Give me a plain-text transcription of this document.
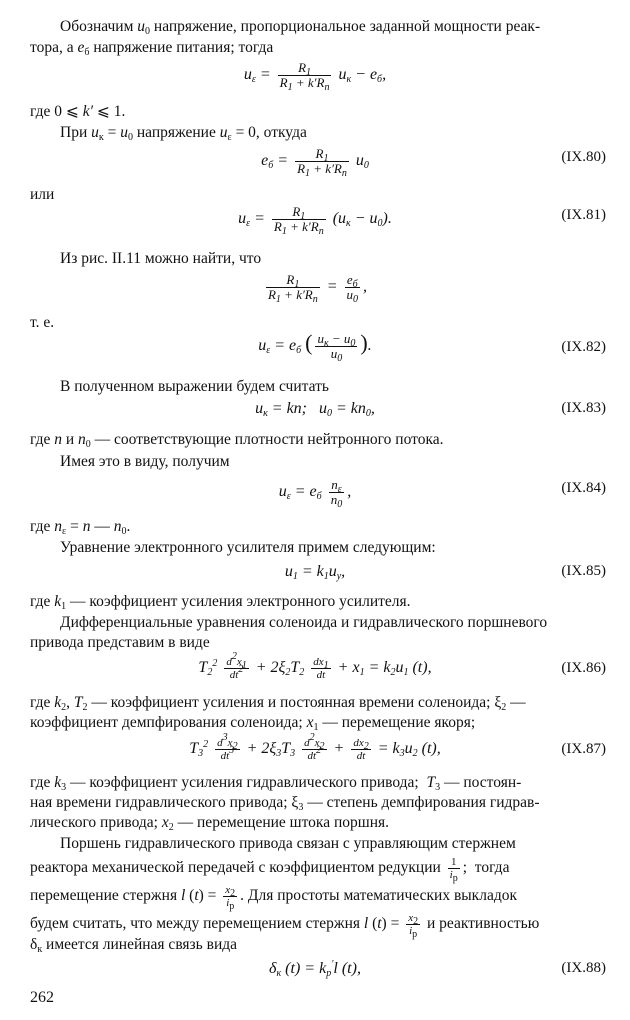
Обозначим $u_0$ напряжение, пропорциональное заданной мощности реак-

тора, а $e_б$ напряжение питания; тогда

$u_\varepsilon = \frac{R_1}{R_1 + k'R_п} u_к - e_б$,

где 0 ⩽ k′ ⩽ 1.

При $u_к = u_0$ напряжение $u_\varepsilon = 0$, откуда

$e_б = \frac{R_1}{R_1 + k'R_п} u_0$
(IX.80)

или

$u_\varepsilon = \frac{R_1}{R_1 + k'R_п} (u_к - u_0)$.	(IX.81)

Из рис. II.11 можно найти, что

$\frac{R_1}{R_1 + k'R_п} = \frac{e_б}{u_0}$ ,

т. е.

$u_\varepsilon = e_б$ ( $\frac{u_к - u_0}{u_0}$ ).	(IX.82)

В полученном выражении будем считать

$u_к$ = kn;   $u_0 = kn_0$,	(IX.83)

где n и $n_0$ — соответствующие плотности нейтронного потока.

Имея это в виду, получим

$u_\varepsilon = e_б \frac{n_\varepsilon}{n_0}$ ,	(IX.84)

где $n_\varepsilon = n$ — $n_0$.

Уравнение электронного усилителя примем следующим:

$u_1 = k_1u_у$,	(IX.85)

где $k_1$ — коэффициент усиления электронного усилителя.

Дифференциальные уравнения соленоида и гидравлического поршневого

привода представим в виде

$T_2^2 \frac{d^2x_1}{dt^2} + 2\xi_2T_2 \frac{dx_1}{dt} + x_1 = k_2u_1$ (t),	(IX.86)

где $k_2$, $T_2$ — коэффициент усиления и постоянная времени соленоида; $\xi_2$ —

коэффициент демпфирования соленоида; $x_1$ — перемещение якоря;

$T_3^2 \frac{d^3x_2}{dt^3} + 2\xi_3T_3 \frac{d^2x_2}{dt^2} + \frac{dx_2}{dt} = k_3u_2$ (t),	(IX.87)

где $k_3$ — коэффициент усиления гидравлического привода;  $T_3$ — постоян-

ная времени гидравлического привода; $\xi_3$ — степень демпфирования гидрав-

лического привода; $x_2$ — перемещение штока поршня.

Поршень гидравлического привода связан с управляющим стержнем

реактора механической передачей с коэффициентом редукции $\frac{1}{i_р}$ ;  тогда

перемещение стержня l $(t) = \frac{x_2}{i_р}$ . Для простоты математических выкладок

будем считать, что между перемещением стержня l $(t) = \frac{x_2}{i_р}$ и реактивностью

$\delta_к$ имеется линейная связь вида

$\delta_к$ $(t) = k_р'l$ (t),	(IX.88)
262
